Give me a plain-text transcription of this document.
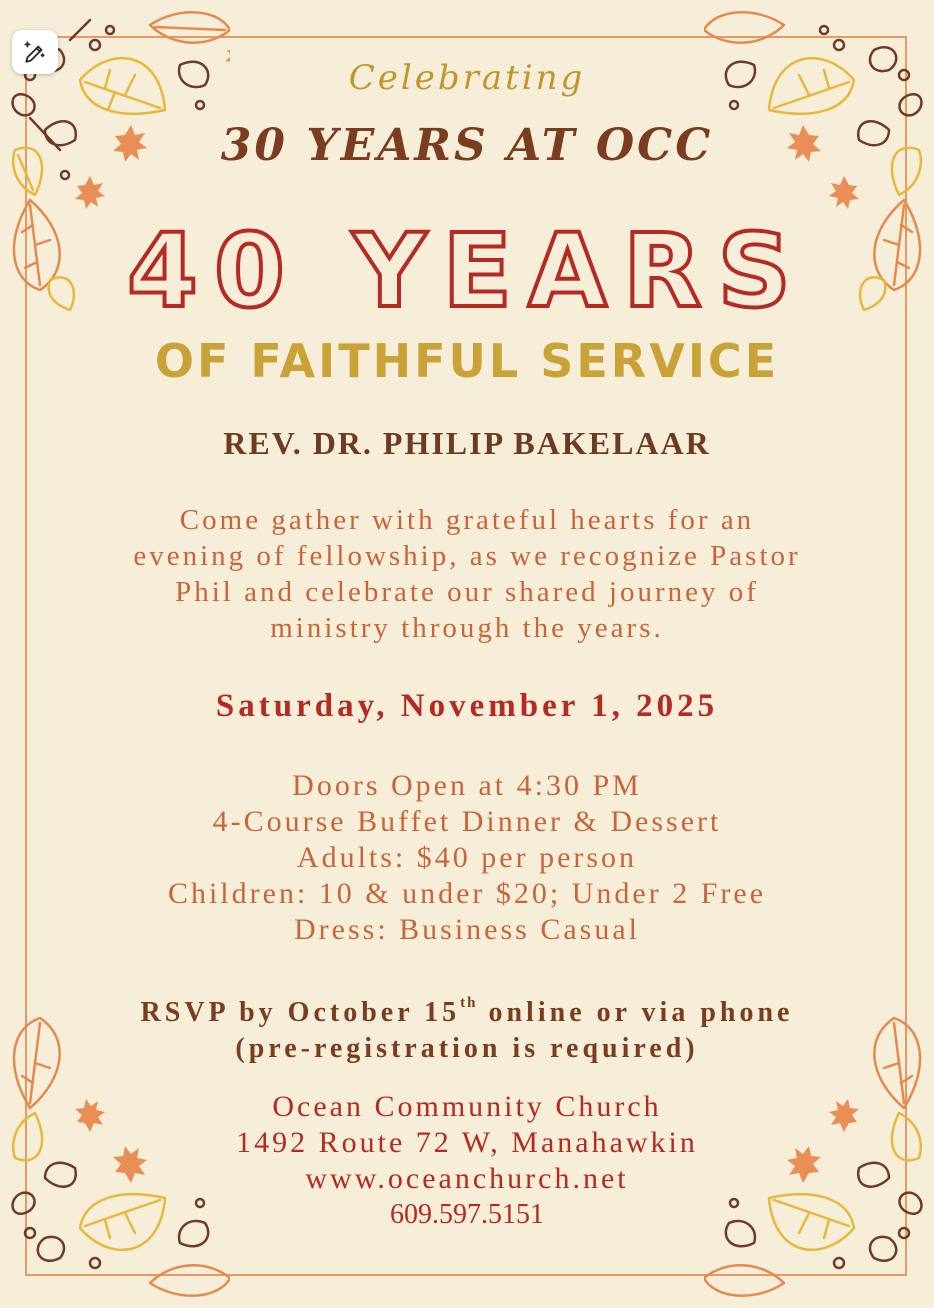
Celebrating
30 YEARS AT OCC
40 YEARS
OF FAITHFUL SERVICE
REV. DR. PHILIP BAKELAAR
Come gather with grateful hearts for an
evening of fellowship, as we recognize Pastor
Phil and celebrate our shared journey of
ministry through the years.
Saturday, November 1, 2025
Doors Open at 4:30 PM
4-Course Buffet Dinner & Dessert
Adults: $40 per person
Children: 10 & under $20; Under 2 Free
Dress: Business Casual
RSVP by October 15th online or via phone
(pre-registration is required)
Ocean Community Church
1492 Route 72 W, Manahawkin
www.oceanchurch.net
609.597.5151
